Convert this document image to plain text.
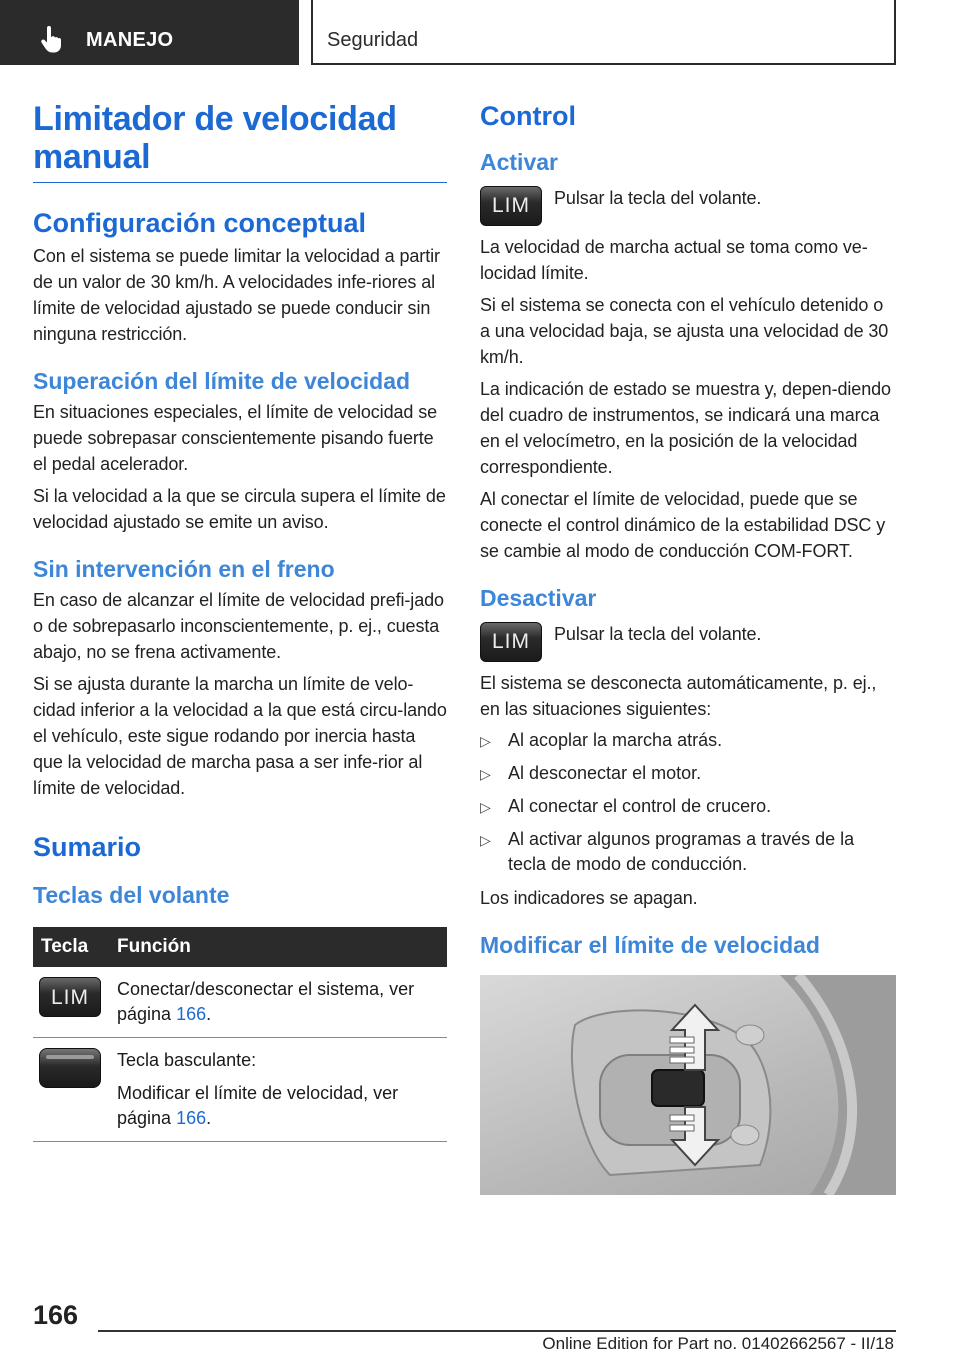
MANEJO	Seguridad
Limitador de velocidad manual
Configuración conceptual

Con el sistema se puede limitar la velocidad a partir de un valor de 30 km/h. A velocidades infe-riores al límite de velocidad ajustado se puede conducir sin ninguna restricción.

Superación del límite de velocidad

En situaciones especiales, el límite de velocidad se puede sobrepasar conscientemente pisando fuerte el pedal acelerador.

Si la velocidad a la que se circula supera el límite de velocidad ajustado se emite un aviso.

Sin intervención en el freno

En caso de alcanzar el límite de velocidad prefi-jado o de sobrepasarlo inconscientemente, p. ej., cuesta abajo, no se frena activamente.

Si se ajusta durante la marcha un límite de velo-cidad inferior a la velocidad a la que está circu-lando el vehículo, este sigue rodando por inercia hasta que la velocidad de marcha pasa a ser infe-rior al límite de velocidad.

Sumario
Teclas del volante
Tecla	Función
LIM	Conectar/desconectar el sistema, ver página 166.

	Tecla basculante:
Modificar el límite de velocidad, ver página 166.
Control
Activar
LIM	Pulsar la tecla del volante.

La velocidad de marcha actual se toma como ve-locidad límite.

Si el sistema se conecta con el vehículo detenido o a una velocidad baja, se ajusta una velocidad de 30 km/h.

La indicación de estado se muestra y, depen-diendo del cuadro de instrumentos, se indicará una marca en el velocímetro, en la posición de la velocidad correspondiente.

Al conectar el límite de velocidad, puede que se conecte el control dinámico de la estabilidad DSC y se cambie al modo de conducción COM-FORT.

Desactivar
LIM	Pulsar la tecla del volante.

El sistema se desconecta automáticamente, p. ej., en las situaciones siguientes:

▷ Al acoplar la marcha atrás.
▷ Al desconectar el motor.
▷ Al conectar el control de crucero.
▷ Al activar algunos programas a través de la tecla de modo de conducción.

Los indicadores se apagan.

Modificar el límite de velocidad
166
Online Edition for Part no. 01402662567 - II/18
